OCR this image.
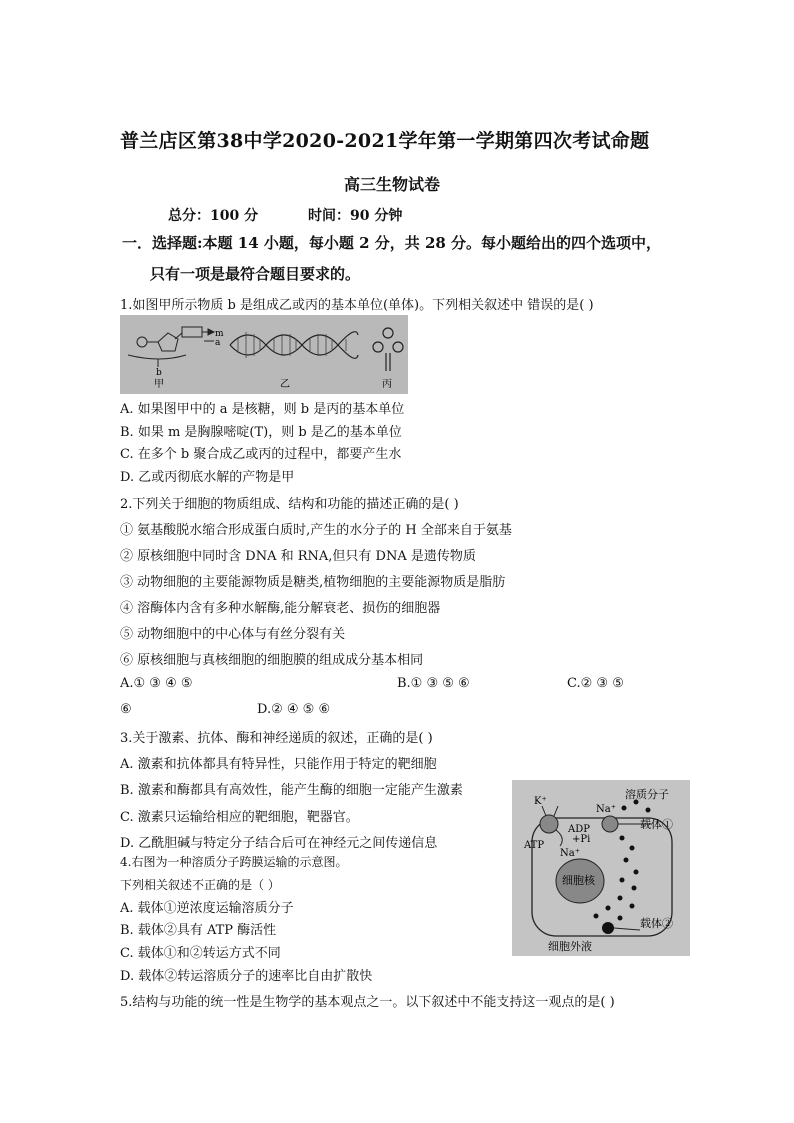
普兰店区第38中学2020-2021学年第一学期第四次考试命题
高三生物试卷
总分：100 分	时间：90 分钟
一．选择题:本题 14 小题，每小题 2 分，共 28 分。每小题给出的四个选项中，
只有一项是最符合题目要求的。
1.如图甲所示物质 b 是组成乙或丙的基本单位(单体)。下列相关叙述中 错误的是( )
m
a
b
甲	乙	丙
A. 如果图甲中的 a 是核糖，则 b 是丙的基本单位
B. 如果 m 是胸腺嘧啶(T)，则 b 是乙的基本单位
C. 在多个 b 聚合成乙或丙的过程中，都要产生水
D. 乙或丙彻底水解的产物是甲
2.下列关于细胞的物质组成、结构和功能的描述正确的是( )
① 氨基酸脱水缩合形成蛋白质时,产生的水分子的 H 全部来自于氨基
② 原核细胞中同时含 DNA 和 RNA,但只有 DNA 是遗传物质
③ 动物细胞的主要能源物质是糖类,植物细胞的主要能源物质是脂肪
④ 溶酶体内含有多种水解酶,能分解衰老、损伤的细胞器
⑤ 动物细胞中的中心体与有丝分裂有关
⑥ 原核细胞与真核细胞的细胞膜的组成成分基本相同
A.① ③ ④ ⑤	B.① ③ ⑤ ⑥	C.② ③ ⑤
⑥	D.② ④ ⑤ ⑥
3.关于激素、抗体、酶和神经递质的叙述，正确的是( )
A. 激素和抗体都具有特异性，只能作用于特定的靶细胞
B. 激素和酶都具有高效性，能产生酶的细胞一定能产生激素
C. 激素只运输给相应的靶细胞，靶器官。
D. 乙酰胆碱与特定分子结合后可在神经元之间传递信息
4.右图为一种溶质分子跨膜运输的示意图。
下列相关叙述不正确的是（ ）
A. 载体①逆浓度运输溶质分子
B. 载体②具有 ATP 酶活性
C. 载体①和②转运方式不同
D. 载体②转运溶质分子的速率比自由扩散快
K⁺
Na⁺
溶质分子
载体①
ADP
+Pi
ATP
Na⁺
细胞核
载体②
细胞外液
5.结构与功能的统一性是生物学的基本观点之一。以下叙述中不能支持这一观点的是( )
